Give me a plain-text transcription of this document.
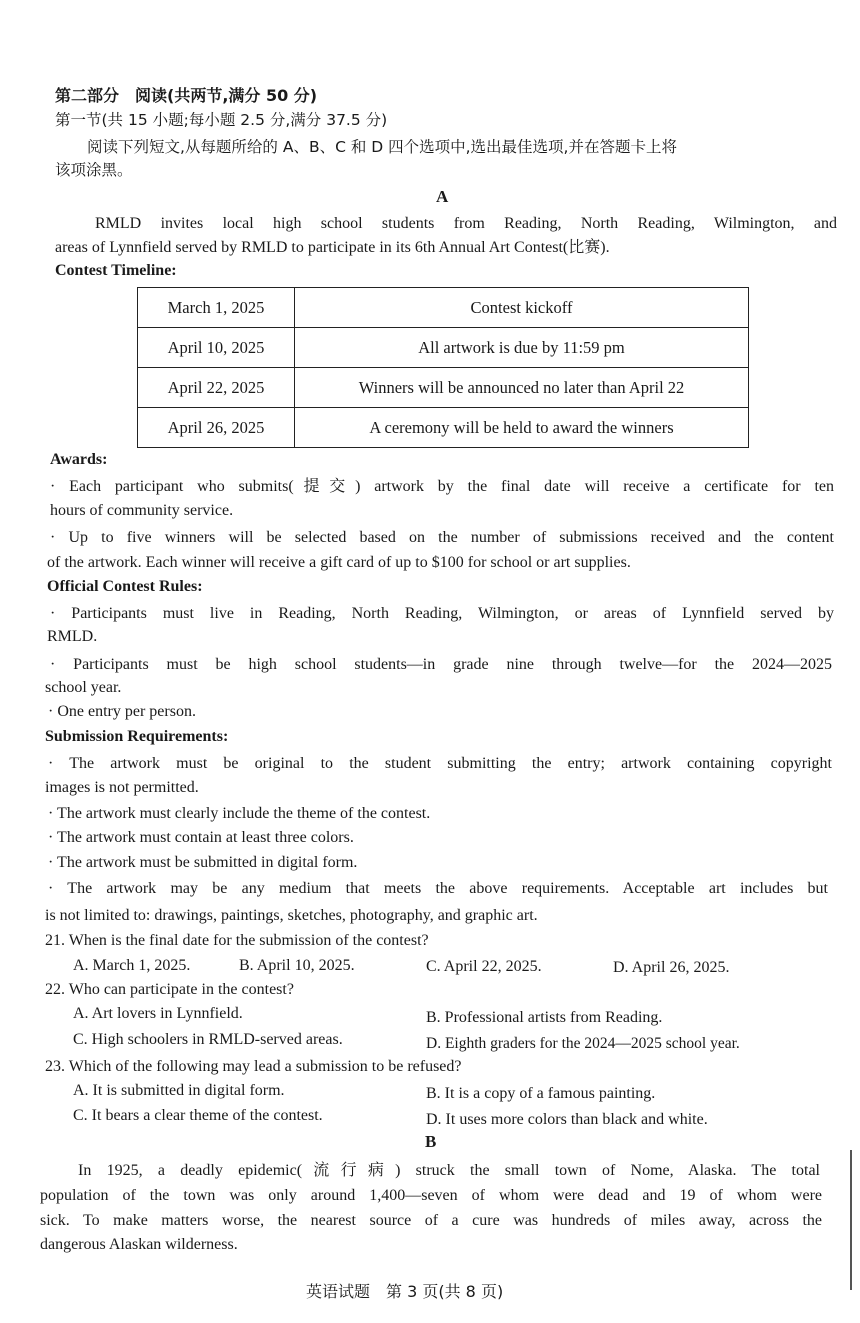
第二部分　阅读(共两节,满分 50 分)
第一节(共 15 小题;每小题 2.5 分,满分 37.5 分)
阅读下列短文,从每题所给的 A、B、C 和 D 四个选项中,选出最佳选项,并在答题卡上将
该项涂黑。
A
RMLD invites local high school students from Reading, North Reading, Wilmington, and
areas of Lynnfield served by RMLD to participate in its 6th Annual Art Contest(比赛).
Contest Timeline:
March 1, 2025	Contest kickoff
April 10, 2025	All artwork is due by 11:59 pm
April 22, 2025	Winners will be announced no later than April 22
April 26, 2025	A ceremony will be held to award the winners
Awards:
· Each participant who submits(提交) artwork by the final date will receive a certificate for ten
hours of community service.
· Up to five winners will be selected based on the number of submissions received and the content
of the artwork. Each winner will receive a gift card of up to $100 for school or art supplies.
Official Contest Rules:
· Participants must live in Reading, North Reading, Wilmington, or areas of Lynnfield served by
RMLD.
· Participants must be high school students—in grade nine through twelve—for the 2024—2025
school year.
· One entry per person.
Submission Requirements:
· The artwork must be original to the student submitting the entry; artwork containing copyright
images is not permitted.
· The artwork must clearly include the theme of the contest.
· The artwork must contain at least three colors.
· The artwork must be submitted in digital form.
· The artwork may be any medium that meets the above requirements. Acceptable art includes but
is not limited to: drawings, paintings, sketches, photography, and graphic art.
21. When is the final date for the submission of the contest?
A. March 1, 2025.	B. April 10, 2025.	C. April 22, 2025.	D. April 26, 2025.
22. Who can participate in the contest?
A. Art lovers in Lynnfield.	B. Professional artists from Reading.
C. High schoolers in RMLD-served areas.	D. Eighth graders for the 2024—2025 school year.
23. Which of the following may lead a submission to be refused?
A. It is submitted in digital form.	B. It is a copy of a famous painting.
C. It bears a clear theme of the contest.	D. It uses more colors than black and white.
B
In 1925, a deadly epidemic(流行病) struck the small town of Nome, Alaska. The total
population of the town was only around 1,400—seven of whom were dead and 19 of whom were
sick. To make matters worse, the nearest source of a cure was hundreds of miles away, across the
dangerous Alaskan wilderness.
英语试题　第 3 页(共 8 页)
